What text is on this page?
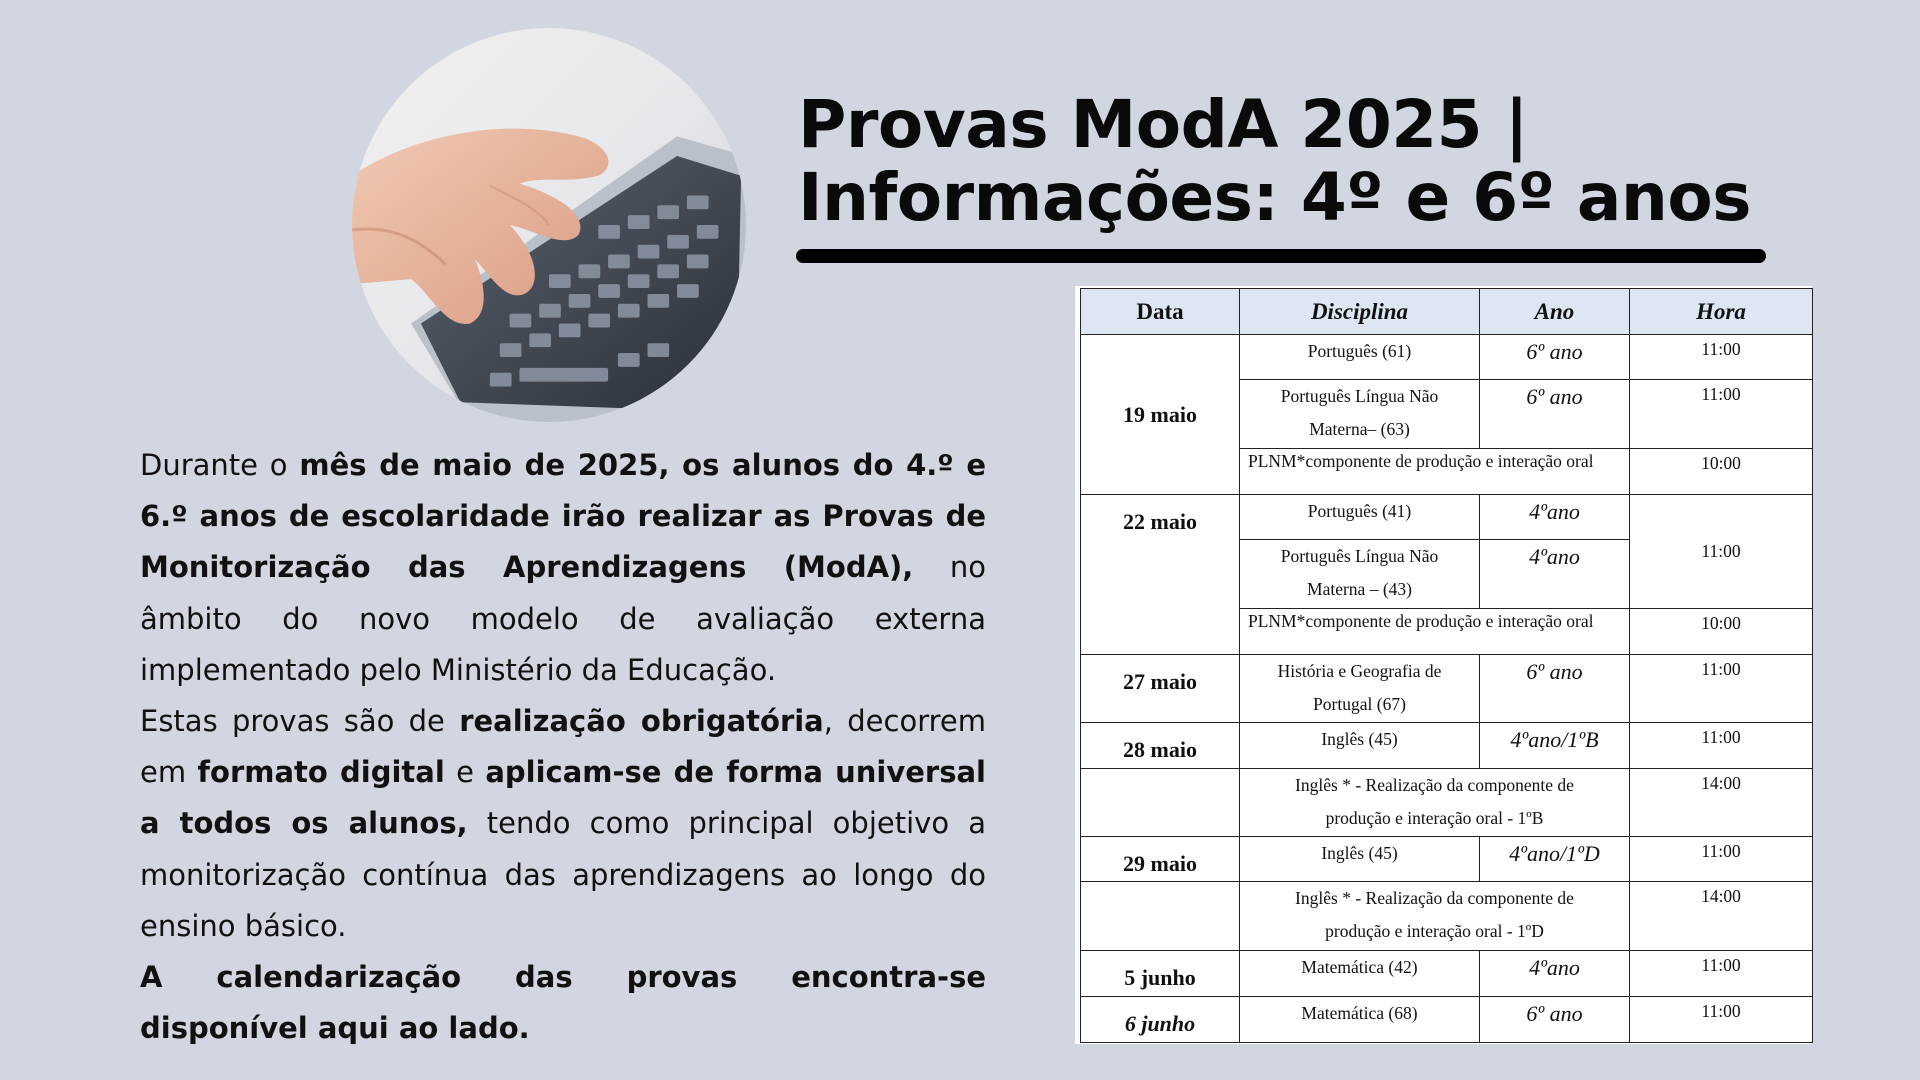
Provas ModA 2025 |
Informações: 4º e 6º anos

Durante o mês de maio de 2025, os alunos do 4.º e 6.º anos de escolaridade irão realizar as Provas de Monitorização das Aprendizagens (ModA), no âmbito do novo modelo de avaliação externa implementado pelo Ministério da Educação.

Estas provas são de realização obrigatória, decorrem em formato digital e aplicam-se de forma universal a todos os alunos, tendo como principal objetivo a monitorização contínua das aprendizagens ao longo do ensino básico.

A calendarização das provas encontra-se disponível aqui ao lado.

Data	Disciplina	Ano	Hora
19 maio	Português (61)	6º ano	11:00

	Português Língua Não
Materna– (63)	6º ano	11:00
	PLNM*componente de produção e interação oral		10:00
22 maio	Português (41)	4ºano	11:00

	Português Língua Não
Materna – (43)	4ºano	
	PLNM*componente de produção e interação oral		10:00
27 maio	História e Geografia de
Portugal (67)	6º ano	11:00
28 maio	Inglês (45)	4ºano/1ºB	11:00

	Inglês * - Realização da componente de
produção e interação oral - 1ºB		14:00
29 maio	Inglês (45)	4ºano/1ºD	11:00

	Inglês * - Realização da componente de
produção e interação oral - 1ºD		14:00
5 junho	Matemática (42)	4ºano	11:00
6 junho	Matemática (68)	6º ano	11:00
